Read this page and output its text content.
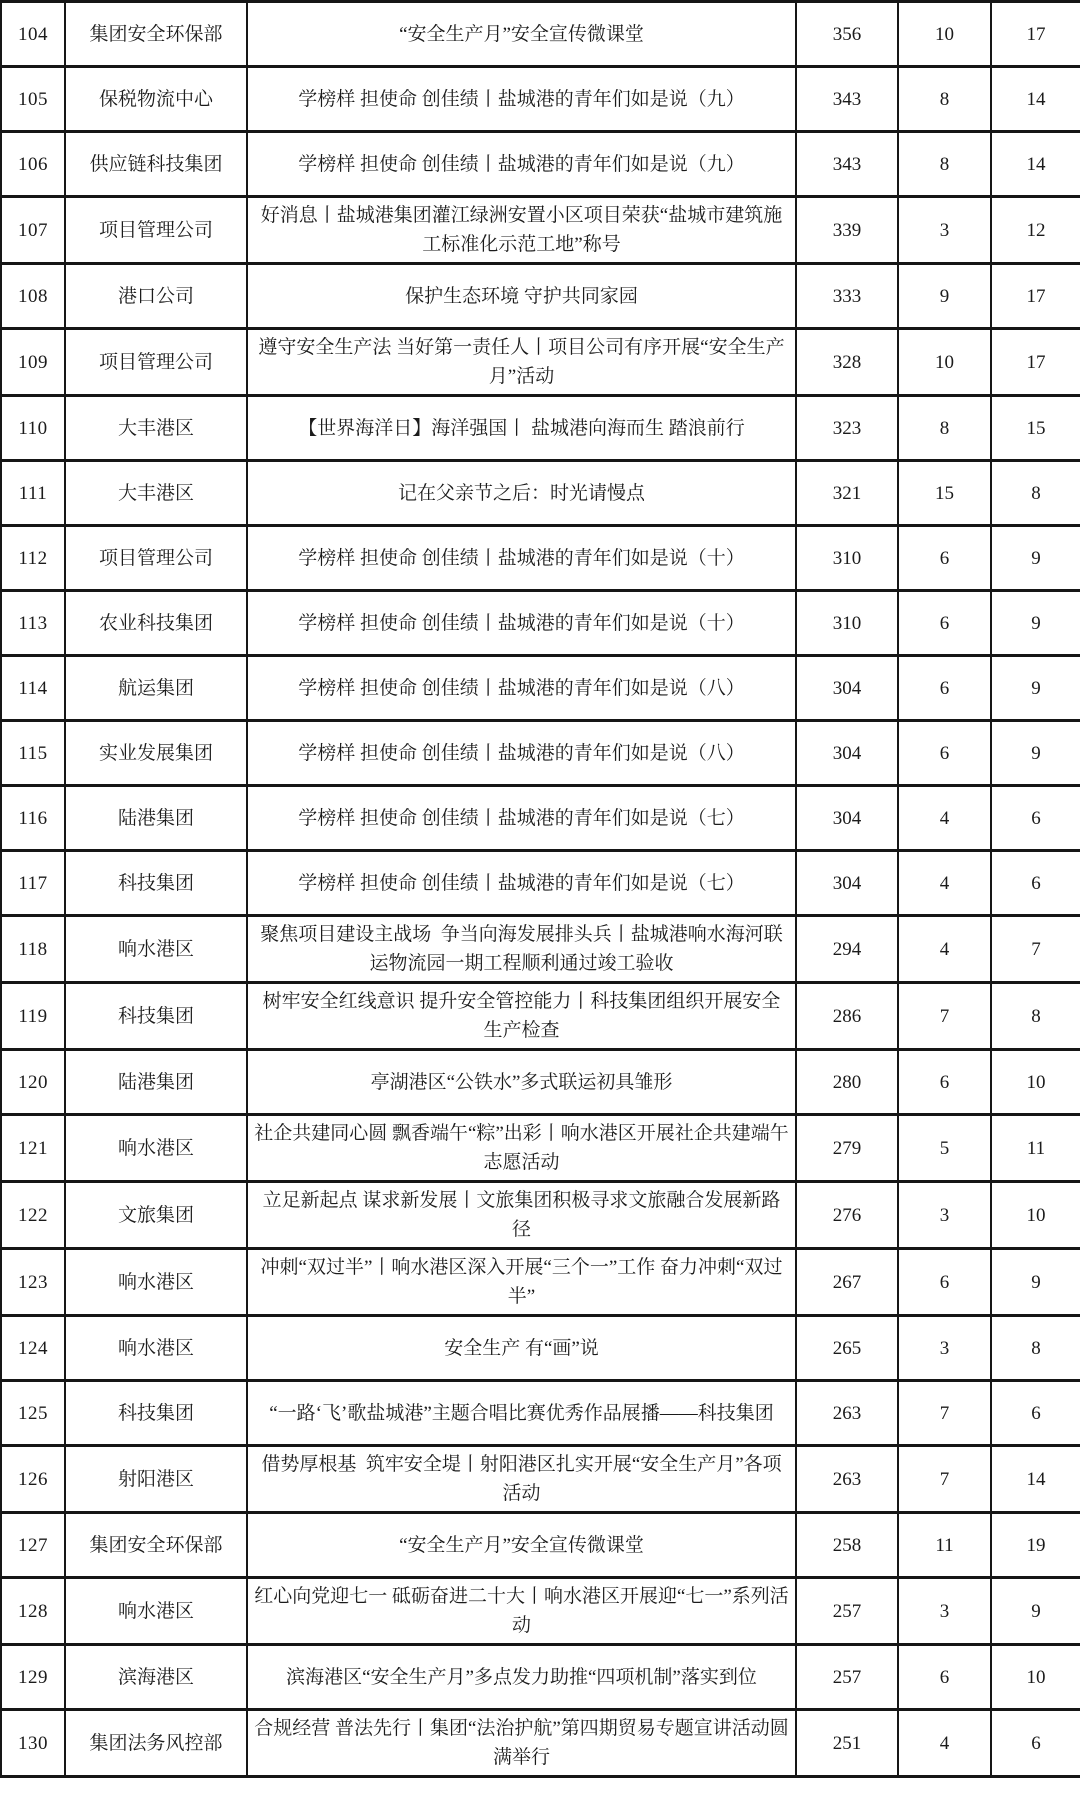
104	集团安全环保部	“安全生产月”安全宣传微课堂	356	10	17
105	保税物流中心	学榜样 担使命 创佳绩丨盐城港的青年们如是说（九）	343	8	14
106	供应链科技集团	学榜样 担使命 创佳绩丨盐城港的青年们如是说（九）	343	8	14
107	项目管理公司	好消息丨盐城港集团灌江绿洲安置小区项目荣获“盐城市建筑施工标准化示范工地”称号	339	3	12
108	港口公司	保护生态环境 守护共同家园	333	9	17
109	项目管理公司	遵守安全生产法 当好第一责任人丨项目公司有序开展“安全生产月”活动	328	10	17
110	大丰港区	【世界海洋日】海洋强国丨 盐城港向海而生 踏浪前行	323	8	15
111	大丰港区	记在父亲节之后：时光请慢点	321	15	8
112	项目管理公司	学榜样 担使命 创佳绩丨盐城港的青年们如是说（十）	310	6	9
113	农业科技集团	学榜样 担使命 创佳绩丨盐城港的青年们如是说（十）	310	6	9
114	航运集团	学榜样 担使命 创佳绩丨盐城港的青年们如是说（八）	304	6	9
115	实业发展集团	学榜样 担使命 创佳绩丨盐城港的青年们如是说（八）	304	6	9
116	陆港集团	学榜样 担使命 创佳绩丨盐城港的青年们如是说（七）	304	4	6
117	科技集团	学榜样 担使命 创佳绩丨盐城港的青年们如是说（七）	304	4	6
118	响水港区	聚焦项目建设主战场  争当向海发展排头兵丨盐城港响水海河联运物流园一期工程顺利通过竣工验收	294	4	7
119	科技集团	树牢安全红线意识 提升安全管控能力丨科技集团组织开展安全生产检查	286	7	8
120	陆港集团	亭湖港区“公铁水”多式联运初具雏形	280	6	10
121	响水港区	社企共建同心圆 飘香端午“粽”出彩丨响水港区开展社企共建端午志愿活动	279	5	11
122	文旅集团	立足新起点 谋求新发展丨文旅集团积极寻求文旅融合发展新路径	276	3	10
123	响水港区	冲刺“双过半”丨响水港区深入开展“三个一”工作 奋力冲刺“双过半”	267	6	9
124	响水港区	安全生产 有“画”说	265	3	8
125	科技集团	“一路‘飞’歌盐城港”主题合唱比赛优秀作品展播——科技集团	263	7	6
126	射阳港区	借势厚根基  筑牢安全堤丨射阳港区扎实开展“安全生产月”各项活动	263	7	14
127	集团安全环保部	“安全生产月”安全宣传微课堂	258	11	19
128	响水港区	红心向党迎七一 砥砺奋进二十大丨响水港区开展迎“七一”系列活动	257	3	9
129	滨海港区	滨海港区“安全生产月”多点发力助推“四项机制”落实到位	257	6	10
130	集团法务风控部	合规经营 普法先行丨集团“法治护航”第四期贸易专题宣讲活动圆满举行	251	4	6
